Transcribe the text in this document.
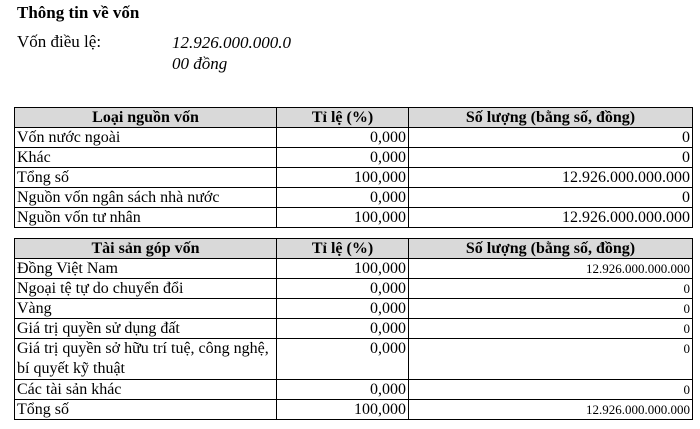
Thông tin về vốn
Vốn điều lệ:	12.926.000.000.0
00 đồng
Loại nguồn vốn	Tỉ lệ (%)	Số lượng (bằng số, đồng)
Vốn nước ngoài	0,000	0
Khác	0,000	0
Tổng số	100,000	12.926.000.000.000
Nguồn vốn ngân sách nhà nước	0,000	0
Nguồn vốn tư nhân	100,000	12.926.000.000.000
Tài sản góp vốn	Tỉ lệ (%)	Số lượng (bằng số, đồng)
Đồng Việt Nam	100,000	12.926.000.000.000
Ngoại tệ tự do chuyển đổi	0,000	0
Vàng	0,000	0
Giá trị quyền sử dụng đất	0,000	0
Giá trị quyền sở hữu trí tuệ, công nghệ, bí quyết kỹ thuật	0,000	0
Các tài sản khác	0,000	0
Tổng số	100,000	12.926.000.000.000
